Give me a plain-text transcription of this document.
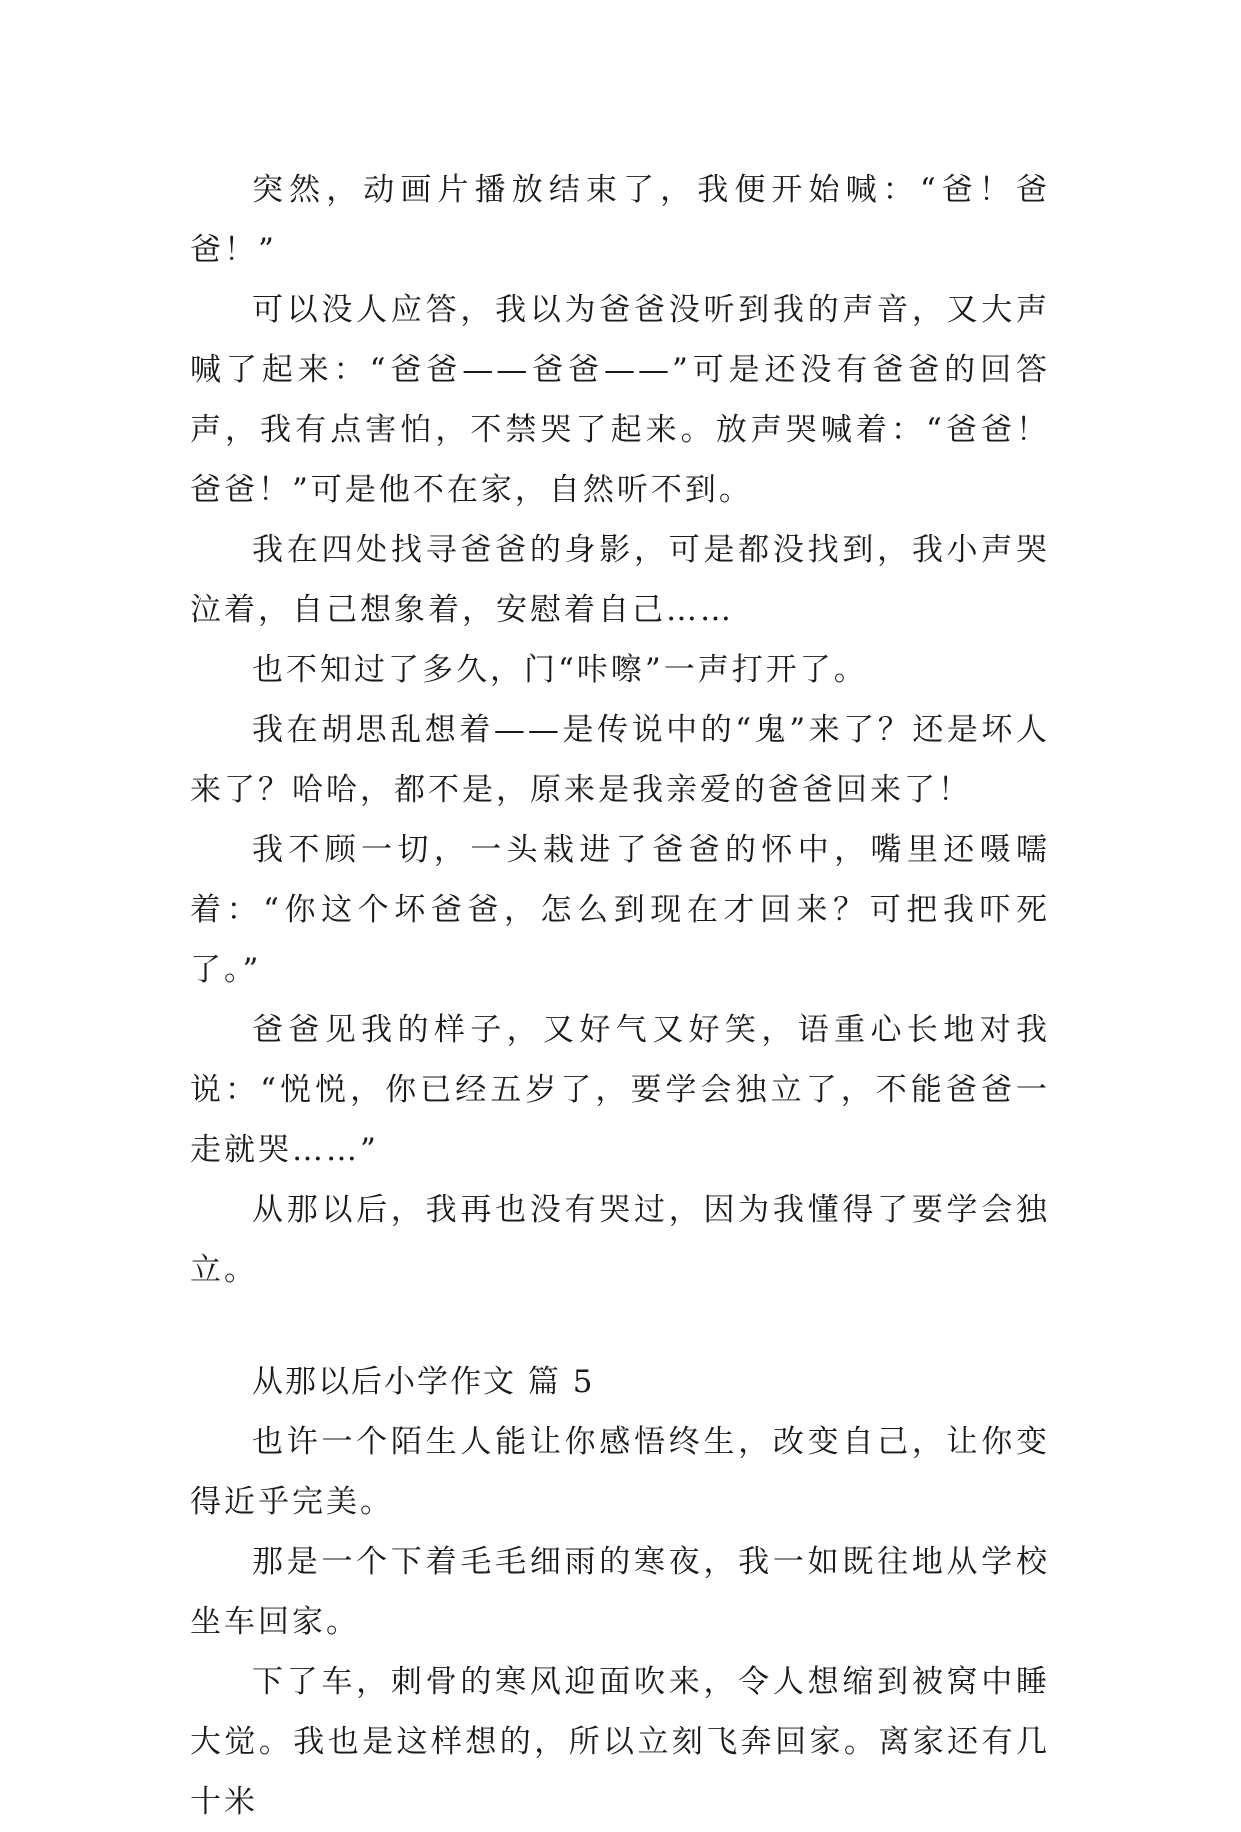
突然，动画片播放结束了，我便开始喊：“爸！爸爸！”

可以没人应答，我以为爸爸没听到我的声音，又大声喊了起来：“爸爸——爸爸——”可是还没有爸爸的回答声，我有点害怕，不禁哭了起来。放声哭喊着：“爸爸！爸爸！”可是他不在家，自然听不到。

我在四处找寻爸爸的身影，可是都没找到，我小声哭泣着，自己想象着，安慰着自己……

也不知过了多久，门“咔嚓”一声打开了。

我在胡思乱想着——是传说中的“鬼”来了？还是坏人来了？哈哈，都不是，原来是我亲爱的爸爸回来了！

我不顾一切，一头栽进了爸爸的怀中，嘴里还嗫嚅着：“你这个坏爸爸，怎么到现在才回来？可把我吓死了。”

爸爸见我的样子，又好气又好笑，语重心长地对我说：“悦悦，你已经五岁了，要学会独立了，不能爸爸一走就哭……”

从那以后，我再也没有哭过，因为我懂得了要学会独立。

从那以后小学作文 篇 5

也许一个陌生人能让你感悟终生，改变自己，让你变得近乎完美。

那是一个下着毛毛细雨的寒夜，我一如既往地从学校坐车回家。

下了车，刺骨的寒风迎面吹来，令人想缩到被窝中睡大觉。我也是这样想的，所以立刻飞奔回家。离家还有几十米
